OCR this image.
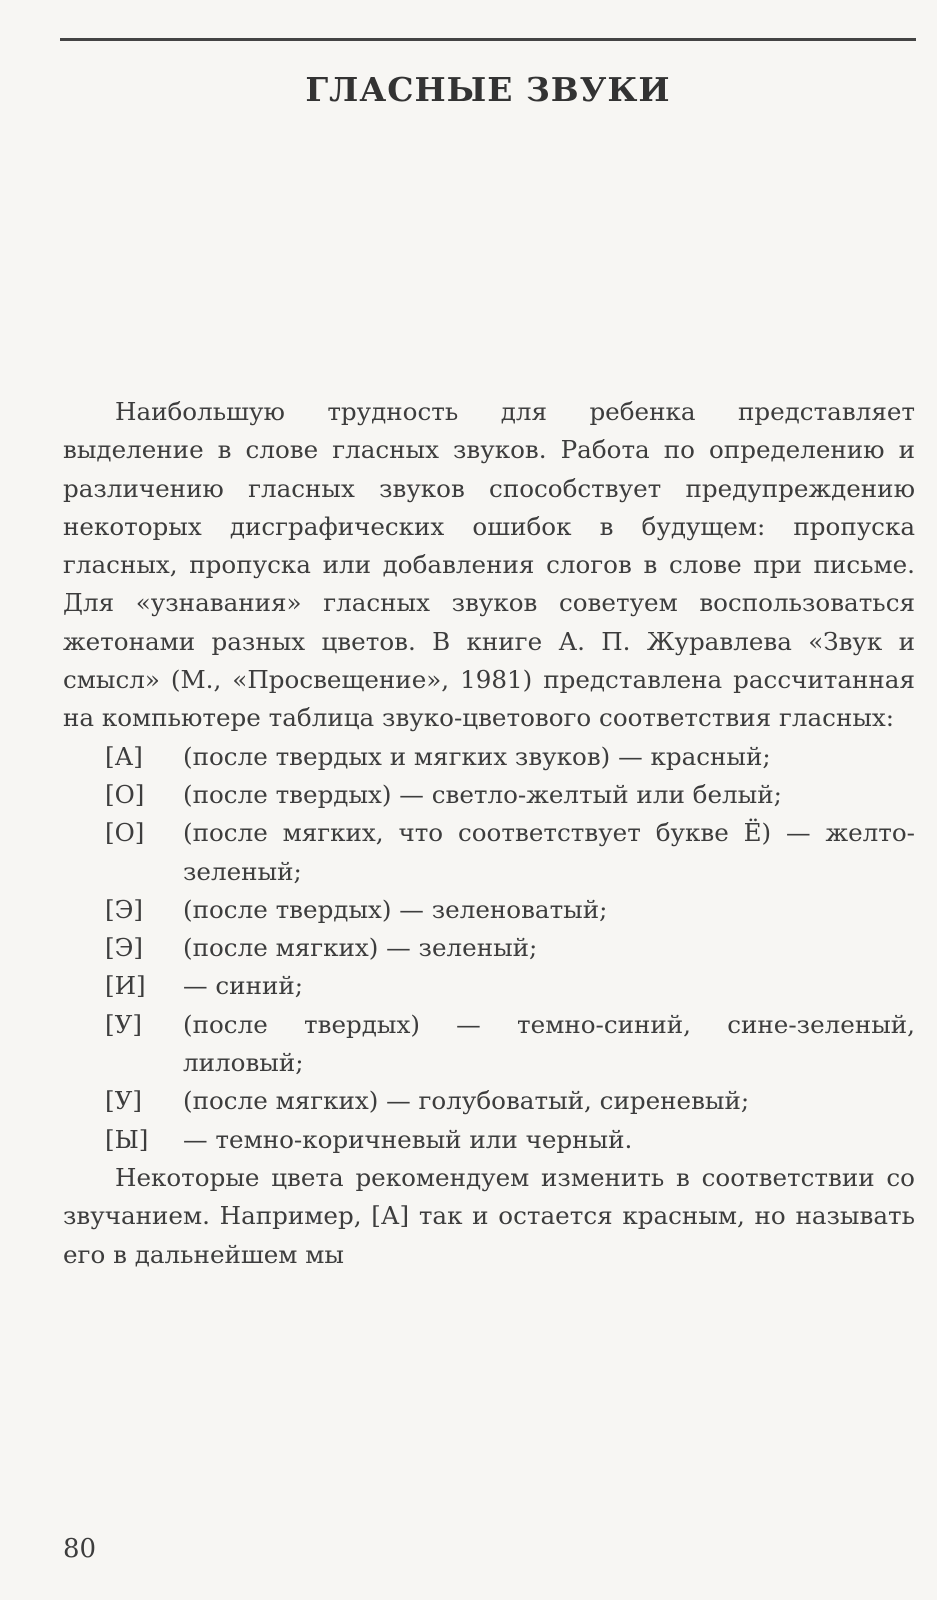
ГЛАСНЫЕ ЗВУКИ

Наибольшую трудность для ребенка представляет выделение в слове гласных звуков. Работа по определению и различению гласных звуков способствует предупреждению некоторых дисграфических ошибок в будущем: пропуска гласных, пропуска или добавления слогов в слове при письме. Для «узнавания» гласных звуков советуем воспользоваться жетонами разных цветов. В книге А. П. Журавлева «Звук и смысл» (М., «Просвещение», 1981) представлена рассчитанная на компьютере таблица звуко-цветового соответствия гласных:

[А] (после твердых и мягких звуков) — красный;
[О] (после твердых) — светло-желтый или белый;
[О] (после мягких, что соответствует букве Ё) — желто-зеленый;
[Э] (после твердых) — зеленоватый;
[Э] (после мягких) — зеленый;
[И] — синий;
[У] (после твердых) — темно-синий, сине-зеленый, лиловый;
[У] (после мягких) — голубоватый, сиреневый;
[Ы] — темно-коричневый или черный.

Некоторые цвета рекомендуем изменить в соответствии со звучанием. Например, [А] так и остается красным, но называть его в дальнейшем мы

80
